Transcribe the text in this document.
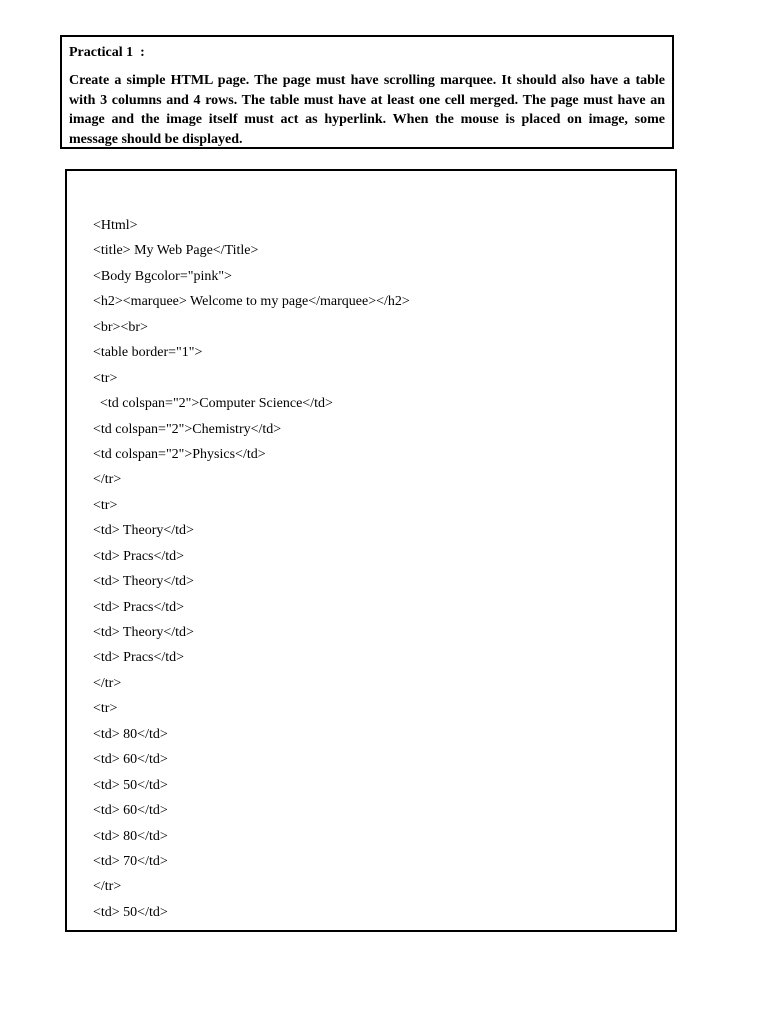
Practical 1  :

Create a simple HTML page. The page must have scrolling marquee. It should also have a table with 3 columns and 4 rows. The table must have at least one cell merged. The page must have an image and the image itself must act as hyperlink. When the mouse is placed on image, some message should be displayed.

<Html>
<title> My Web Page</Title>
<Body Bgcolor="pink">
<h2><marquee> Welcome to my page</marquee></h2>
<br><br>
<table border="1">
<tr>
<td colspan="2">Computer Science</td>
<td colspan="2">Chemistry</td>
<td colspan="2">Physics</td>
</tr>
<tr>
<td> Theory</td>
<td> Pracs</td>
<td> Theory</td>
<td> Pracs</td>
<td> Theory</td>
<td> Pracs</td>
</tr>
<tr>
<td> 80</td>
<td> 60</td>
<td> 50</td>
<td> 60</td>
<td> 80</td>
<td> 70</td>
</tr>
<td> 50</td>
